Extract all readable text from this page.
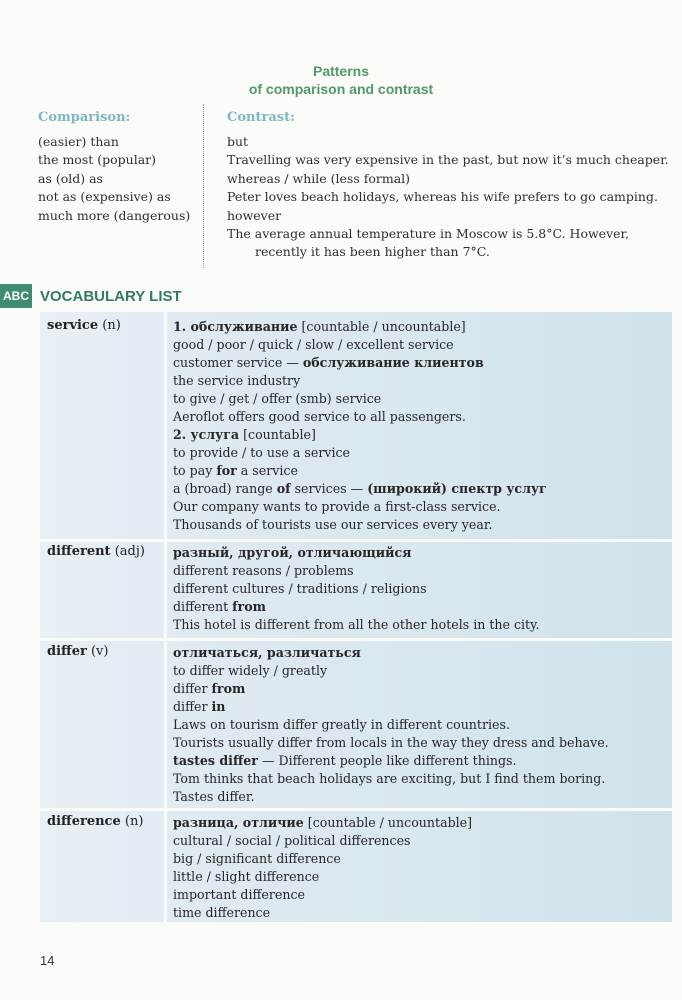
Patterns
of comparison and contrast
Comparison:
(easier) than
the most (popular)
as (old) as
not as (expensive) as
much more (dangerous)
Contrast:
but
Travelling was very expensive in the past, but now it’s much cheaper.
whereas / while (less formal)
Peter loves beach holidays, whereas his wife prefers to go camping.
however
The average annual temperature in Moscow is 5.8°C. However,
recently it has been higher than 7°C.
ABC VOCABULARY LIST
service (n)	1. обслуживание [countable / uncountable]
good / poor / quick / slow / excellent service
customer service — обслуживание клиентов
the service industry
to give / get / offer (smb) service
Aeroflot offers good service to all passengers.
2. услуга [countable]
to provide / to use a service
to pay for a service
a (broad) range of services — (широкий) спектр услуг
Our company wants to provide a first-class service.
Thousands of tourists use our services every year.
different (adj) разный, другой, отличающийся
different reasons / problems
different cultures / traditions / religions
different from
This hotel is different from all the other hotels in the city.
differ (v)	отличаться, различаться
to differ widely / greatly
differ from
differ in
Laws on tourism differ greatly in different countries.
Tourists usually differ from locals in the way they dress and behave.
tastes differ — Different people like different things.
Tom thinks that beach holidays are exciting, but I find them boring.
Tastes differ.
difference (n) разница, отличие [countable / uncountable]
cultural / social / political differences
big / significant difference
little / slight difference
important difference
time difference
14
